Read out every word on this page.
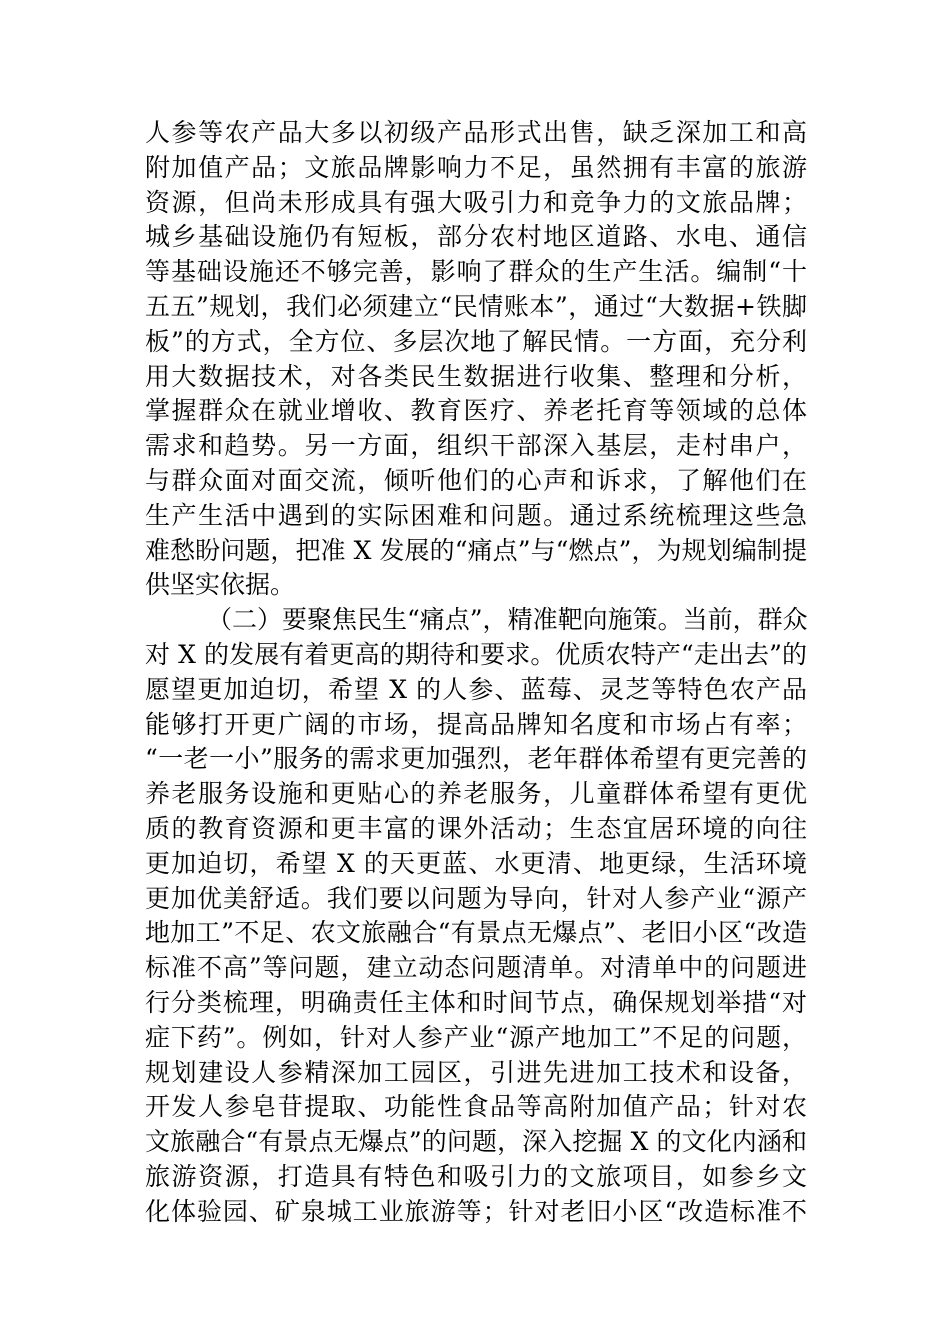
人参等农产品大多以初级产品形式出售，缺乏深加工和高
附加值产品；文旅品牌影响力不足，虽然拥有丰富的旅游
资源，但尚未形成具有强大吸引力和竞争力的文旅品牌；
城乡基础设施仍有短板，部分农村地区道路、水电、通信
等基础设施还不够完善，影响了群众的生产生活。编制“十
五五”规划，我们必须建立“民情账本”，通过“大数据+铁脚
板”的方式，全方位、多层次地了解民情。一方面，充分利
用大数据技术，对各类民生数据进行收集、整理和分析，
掌握群众在就业增收、教育医疗、养老托育等领域的总体
需求和趋势。另一方面，组织干部深入基层，走村串户，
与群众面对面交流，倾听他们的心声和诉求，了解他们在
生产生活中遇到的实际困难和问题。通过系统梳理这些急
难愁盼问题，把准 X 发展的“痛点”与“燃点”，为规划编制提
供坚实依据。
（二）要聚焦民生“痛点”，精准靶向施策。当前，群众
对 X 的发展有着更高的期待和要求。优质农特产“走出去”的
愿望更加迫切，希望 X 的人参、蓝莓、灵芝等特色农产品
能够打开更广阔的市场，提高品牌知名度和市场占有率；
“一老一小”服务的需求更加强烈，老年群体希望有更完善的
养老服务设施和更贴心的养老服务，儿童群体希望有更优
质的教育资源和更丰富的课外活动；生态宜居环境的向往
更加迫切，希望 X 的天更蓝、水更清、地更绿，生活环境
更加优美舒适。我们要以问题为导向，针对人参产业“源产
地加工”不足、农文旅融合“有景点无爆点”、老旧小区“改造
标准不高”等问题，建立动态问题清单。对清单中的问题进
行分类梳理，明确责任主体和时间节点，确保规划举措“对
症下药”。例如，针对人参产业“源产地加工”不足的问题，
规划建设人参精深加工园区，引进先进加工技术和设备，
开发人参皂苷提取、功能性食品等高附加值产品；针对农
文旅融合“有景点无爆点”的问题，深入挖掘 X 的文化内涵和
旅游资源，打造具有特色和吸引力的文旅项目，如参乡文
化体验园、矿泉城工业旅游等；针对老旧小区“改造标准不
